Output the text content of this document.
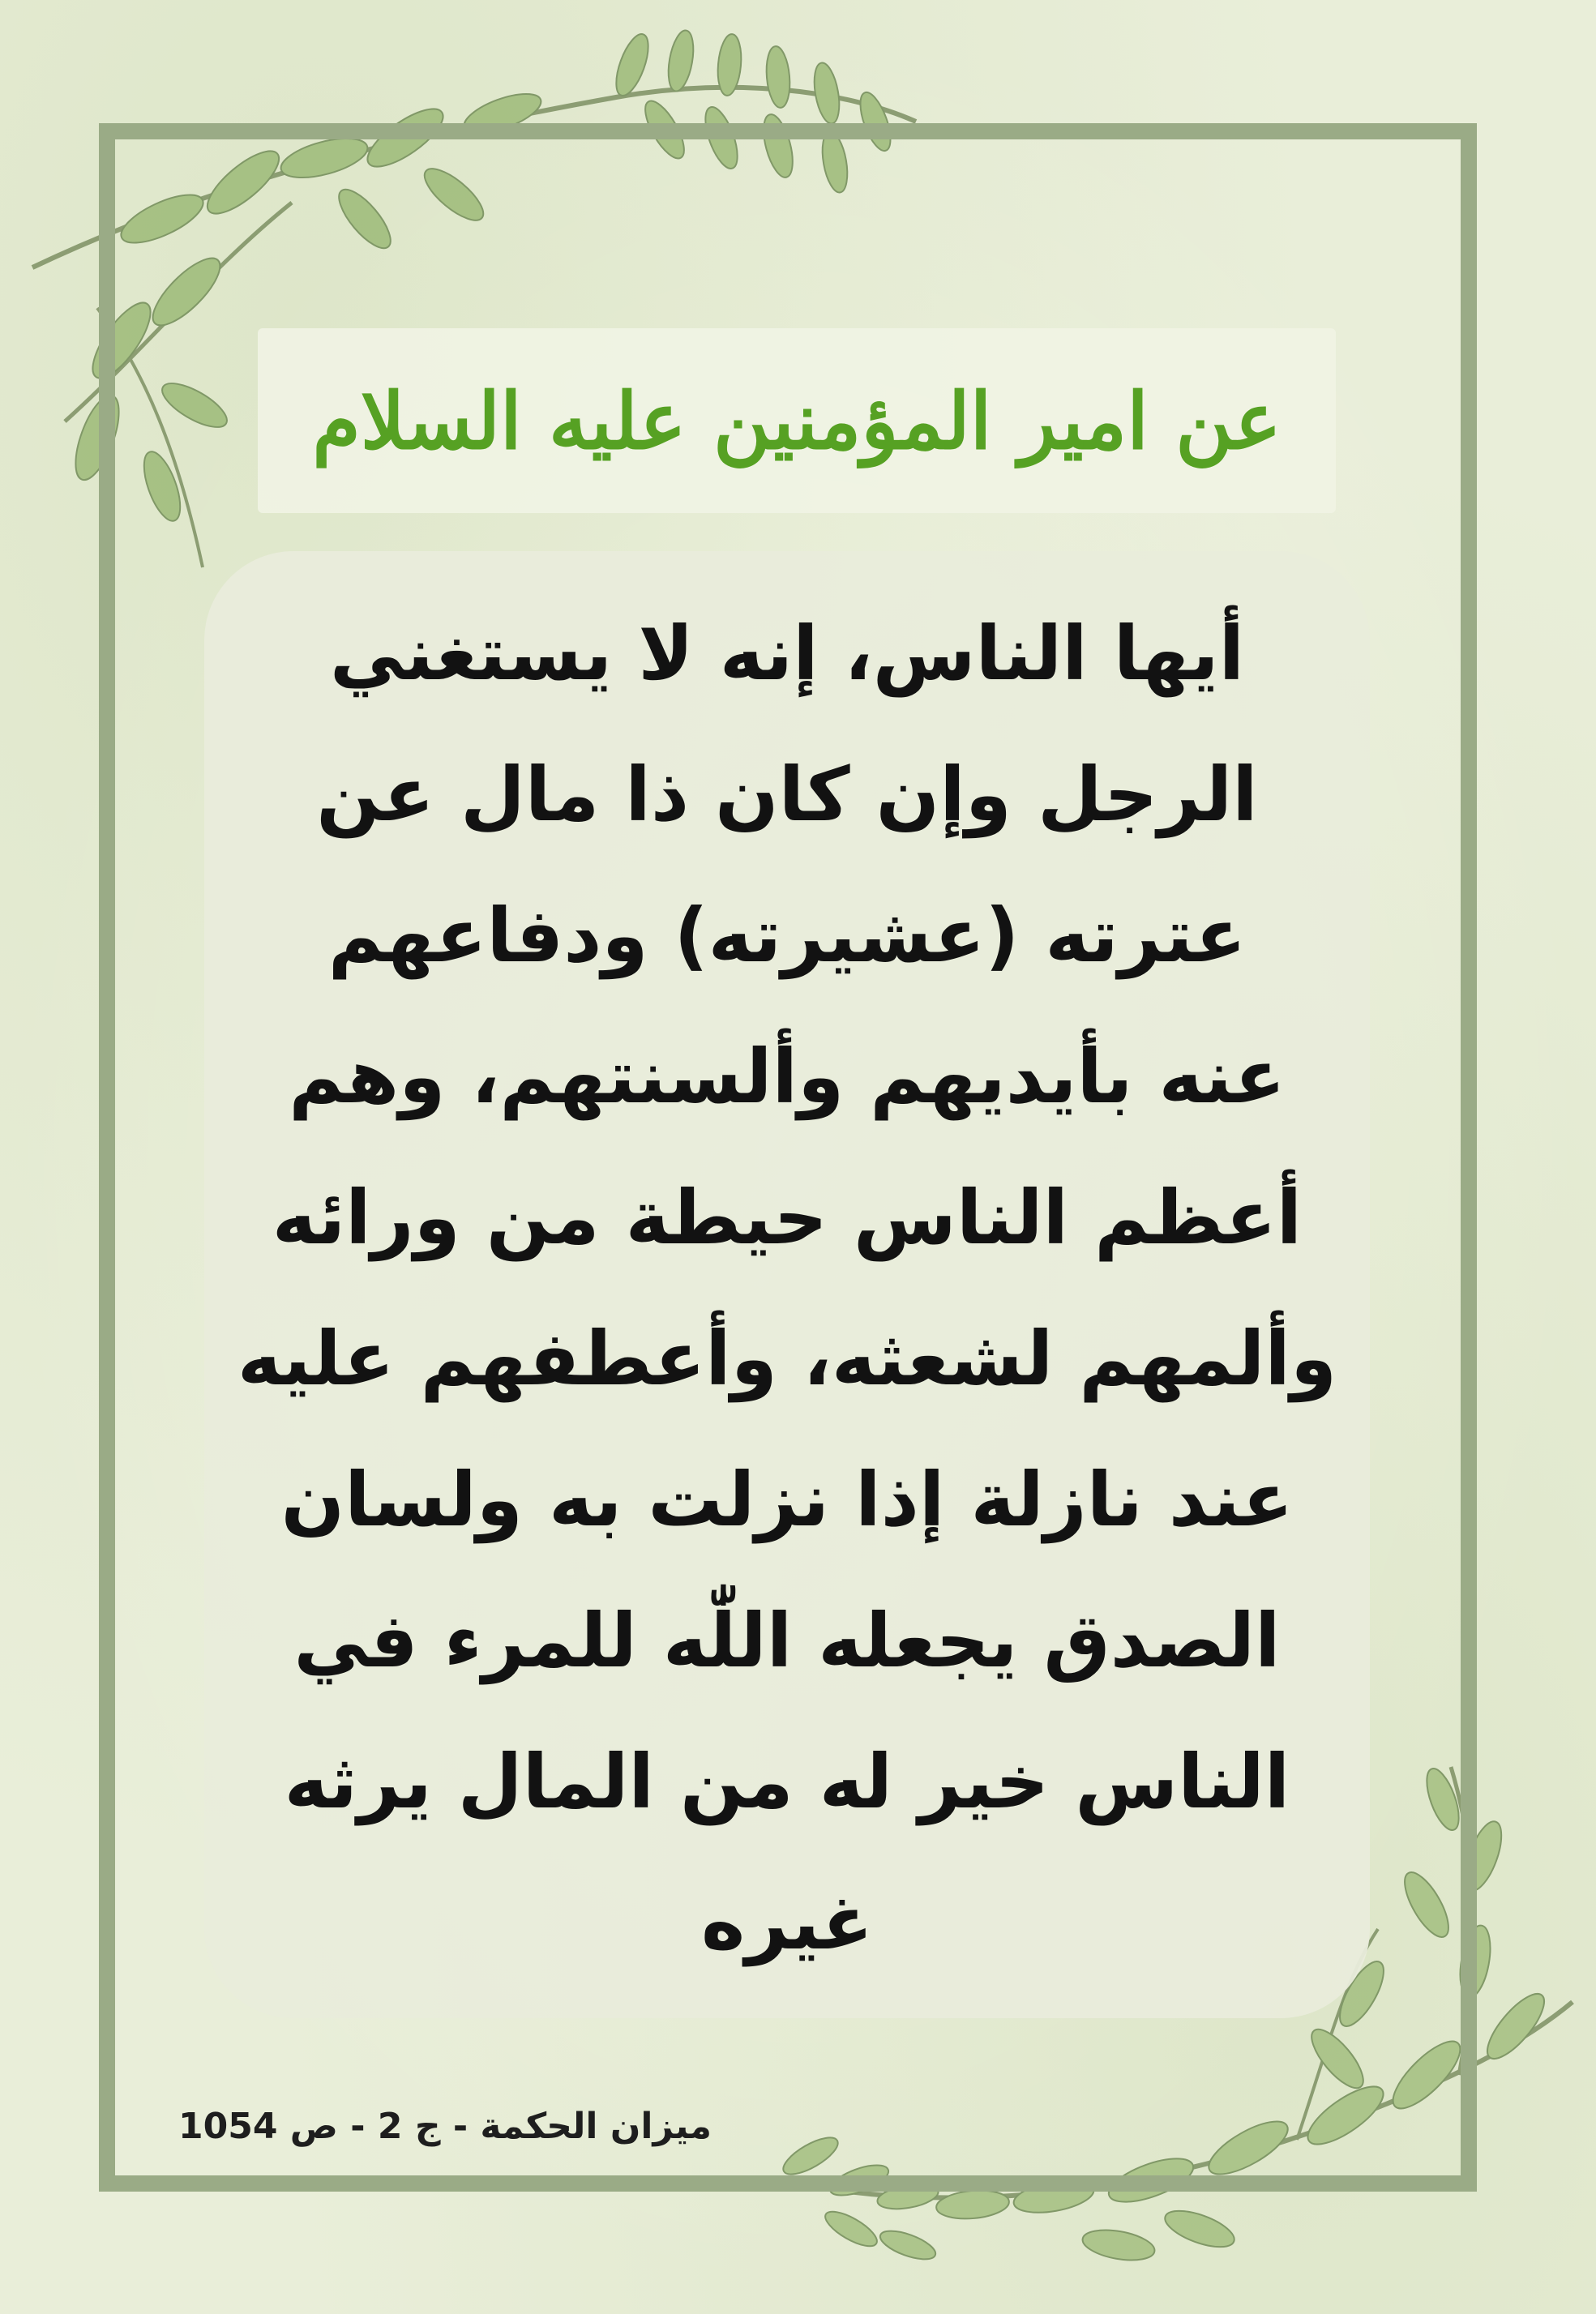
عن امير المؤمنين عليه السلام
أيها الناس، إنه لا يستغني
الرجل وإن كان ذا مال عن
عترته (عشيرته) ودفاعهم
عنه بأيديهم وألسنتهم، وهم
أعظم الناس حيطة من ورائه
وألمهم لشعثه، وأعطفهم عليه
عند نازلة إذا نزلت به ولسان
الصدق يجعله اللّٰه للمرء في
الناس خير له من المال يرثه
غيره
ميزان الحكمة - ج 2 - ص 1054
